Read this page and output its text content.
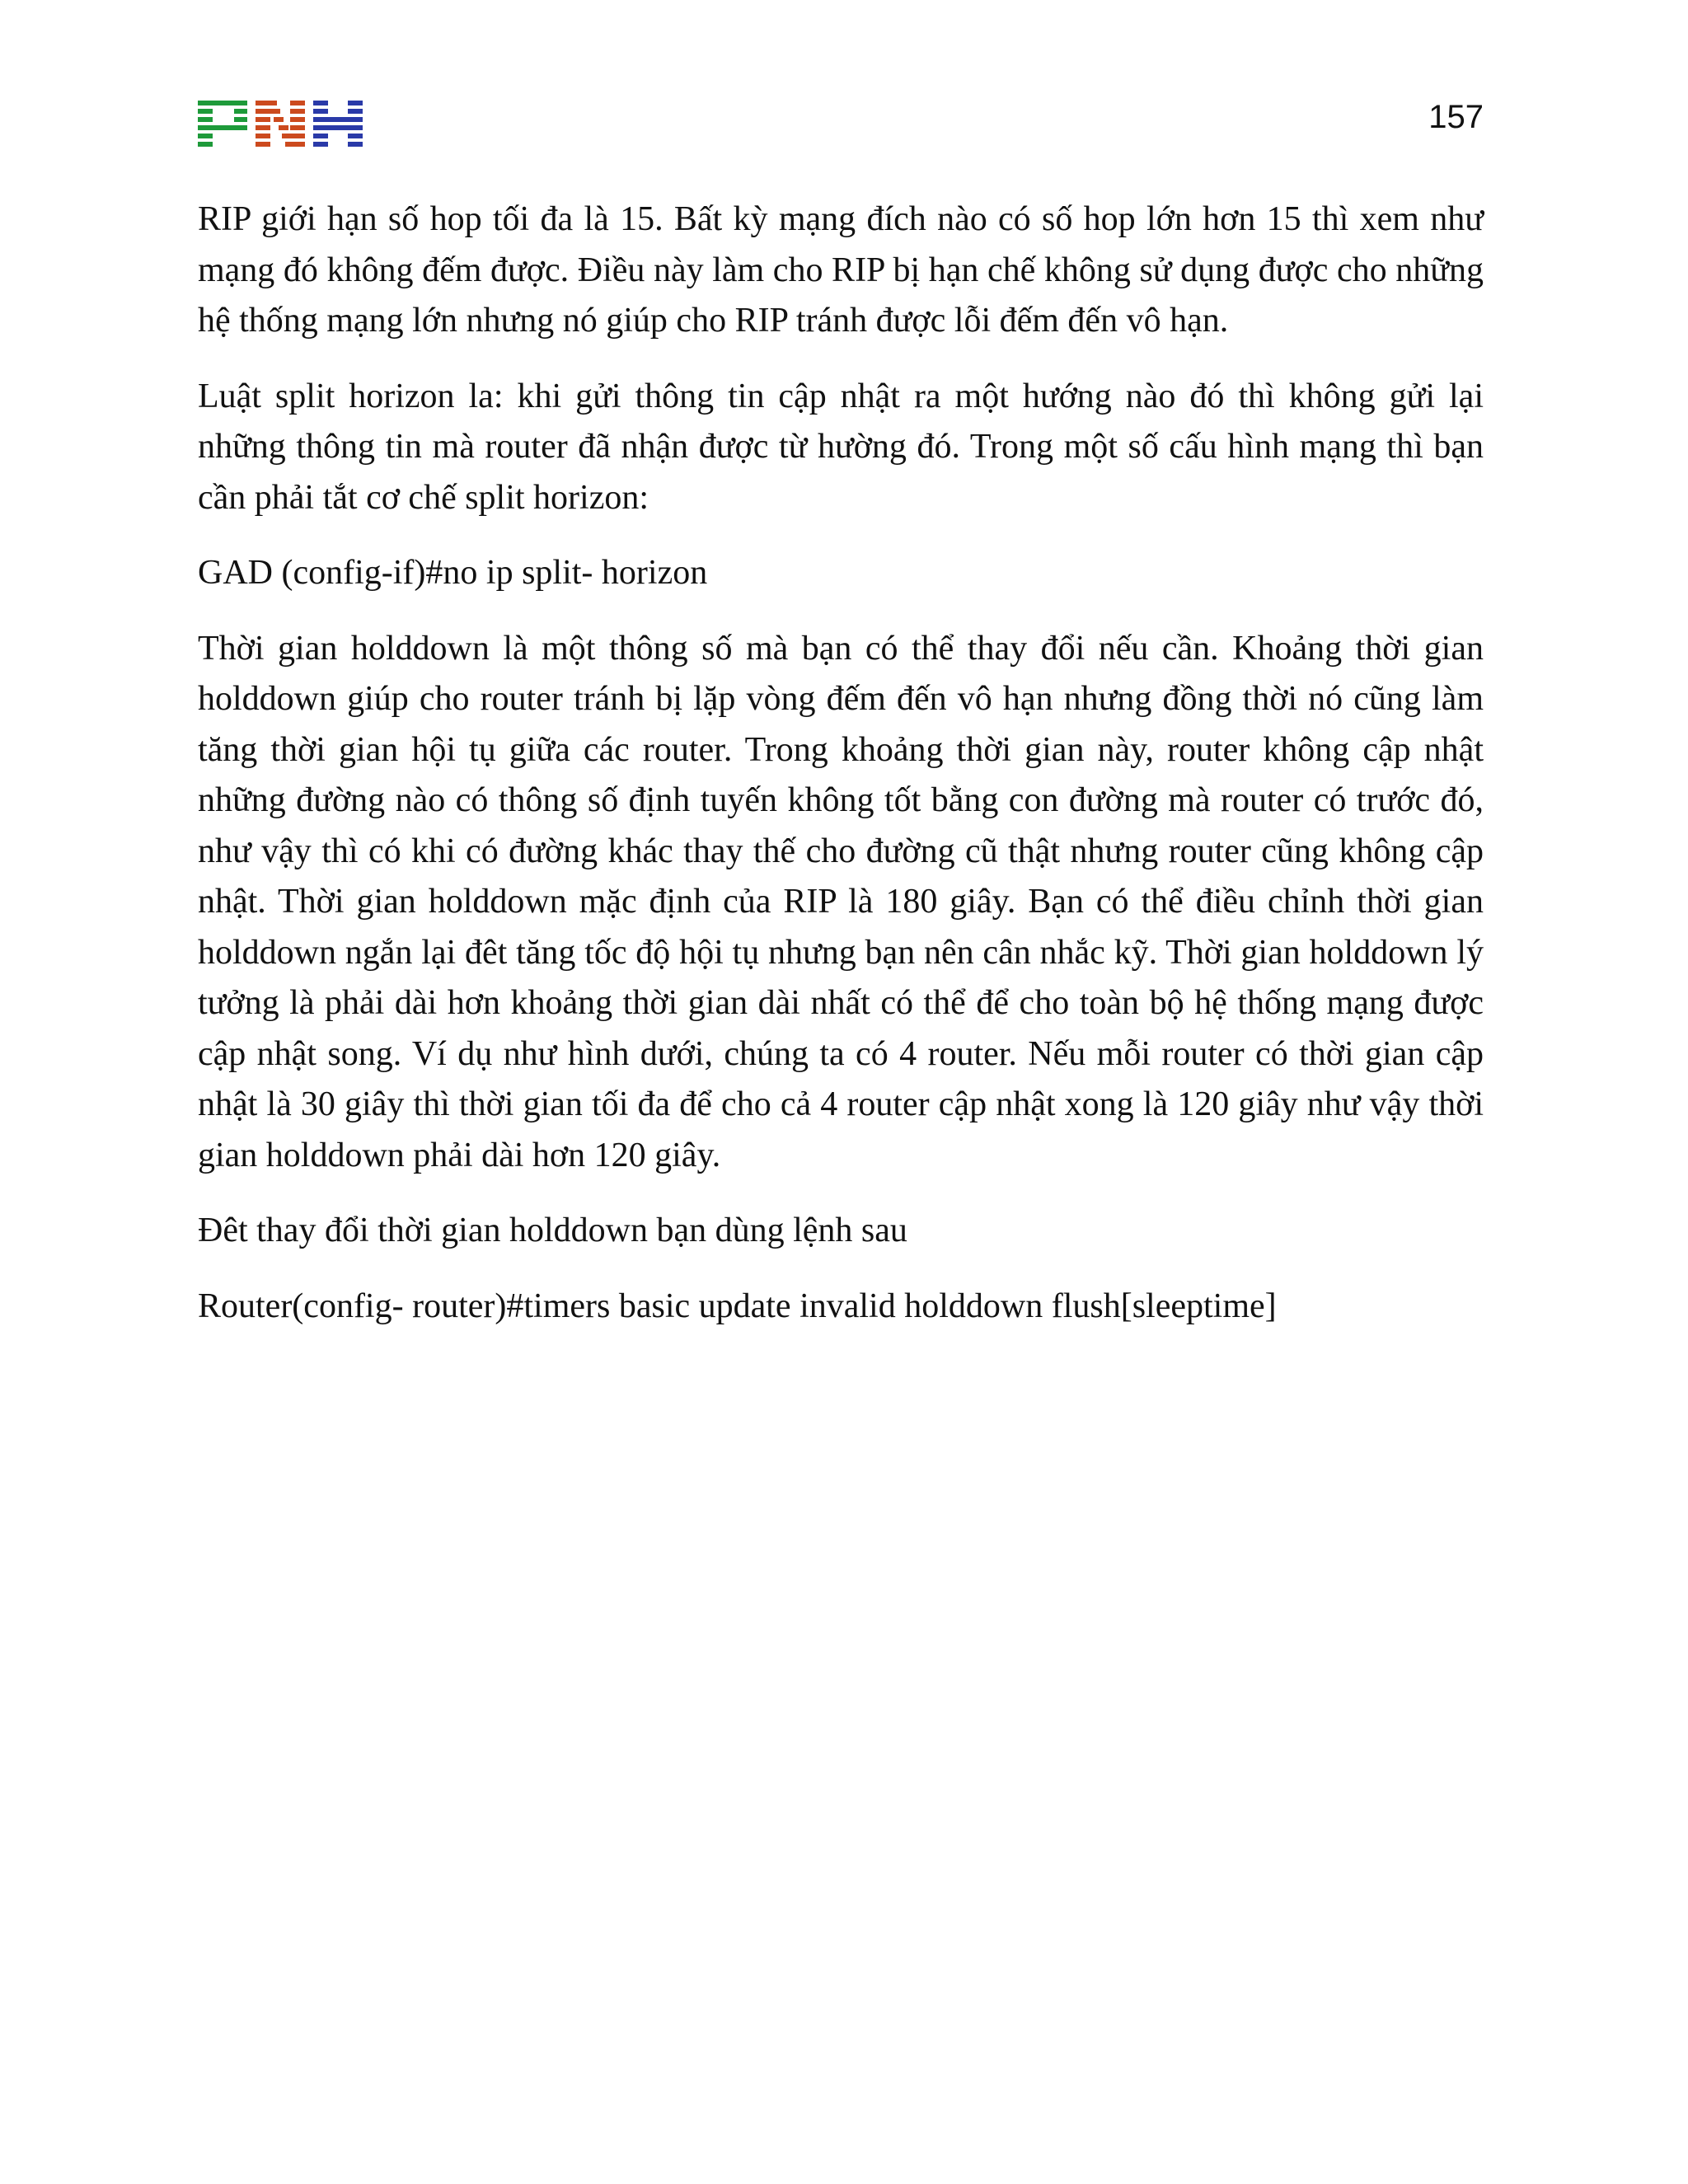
157

RIP giới hạn số hop tối đa là 15. Bất kỳ mạng đích nào có số hop lớn hơn 15 thì xem như mạng đó không đếm được. Điều này làm cho RIP bị hạn chế không sử dụng được cho những hệ thống mạng lớn nhưng nó giúp cho RIP tránh được lỗi đếm đến vô hạn.

Luật split horizon la: khi gửi thông tin cập nhật ra một hướng nào đó thì không gửi lại những thông tin mà router đã nhận được từ hường đó. Trong một số cấu hình mạng thì bạn cần phải tắt cơ chế split horizon:

GAD (config-if)#no ip split- horizon

Thời gian holddown là một thông số mà bạn có thể thay đổi nếu cần. Khoảng thời gian holddown giúp cho router tránh bị lặp vòng đếm đến vô hạn nhưng đồng thời nó cũng làm tăng thời gian hội tụ giữa các router. Trong khoảng thời gian này, router không cập nhật những đường nào có thông số định tuyến không tốt bằng con đường mà router có trước đó, như vậy thì có khi có đường khác thay thế cho đường cũ thật nhưng router cũng không cập nhật. Thời gian holddown mặc định của RIP là 180 giây. Bạn có thể điều chỉnh thời gian holddown ngắn lại đêt tăng tốc độ hội tụ nhưng bạn nên cân nhắc kỹ. Thời gian holddown lý tưởng là phải dài hơn khoảng thời gian dài nhất có thể để cho toàn bộ hệ thống mạng được cập nhật song. Ví dụ như hình dưới, chúng ta có 4 router. Nếu mỗi router có thời gian cập nhật là 30 giây thì thời gian tối đa để cho cả 4 router cập nhật xong là 120 giây như vậy thời gian holddown phải dài hơn 120 giây.

Đêt thay đổi thời gian holddown bạn dùng lệnh sau

Router(config- router)#timers basic update invalid holddown flush[sleeptime]
